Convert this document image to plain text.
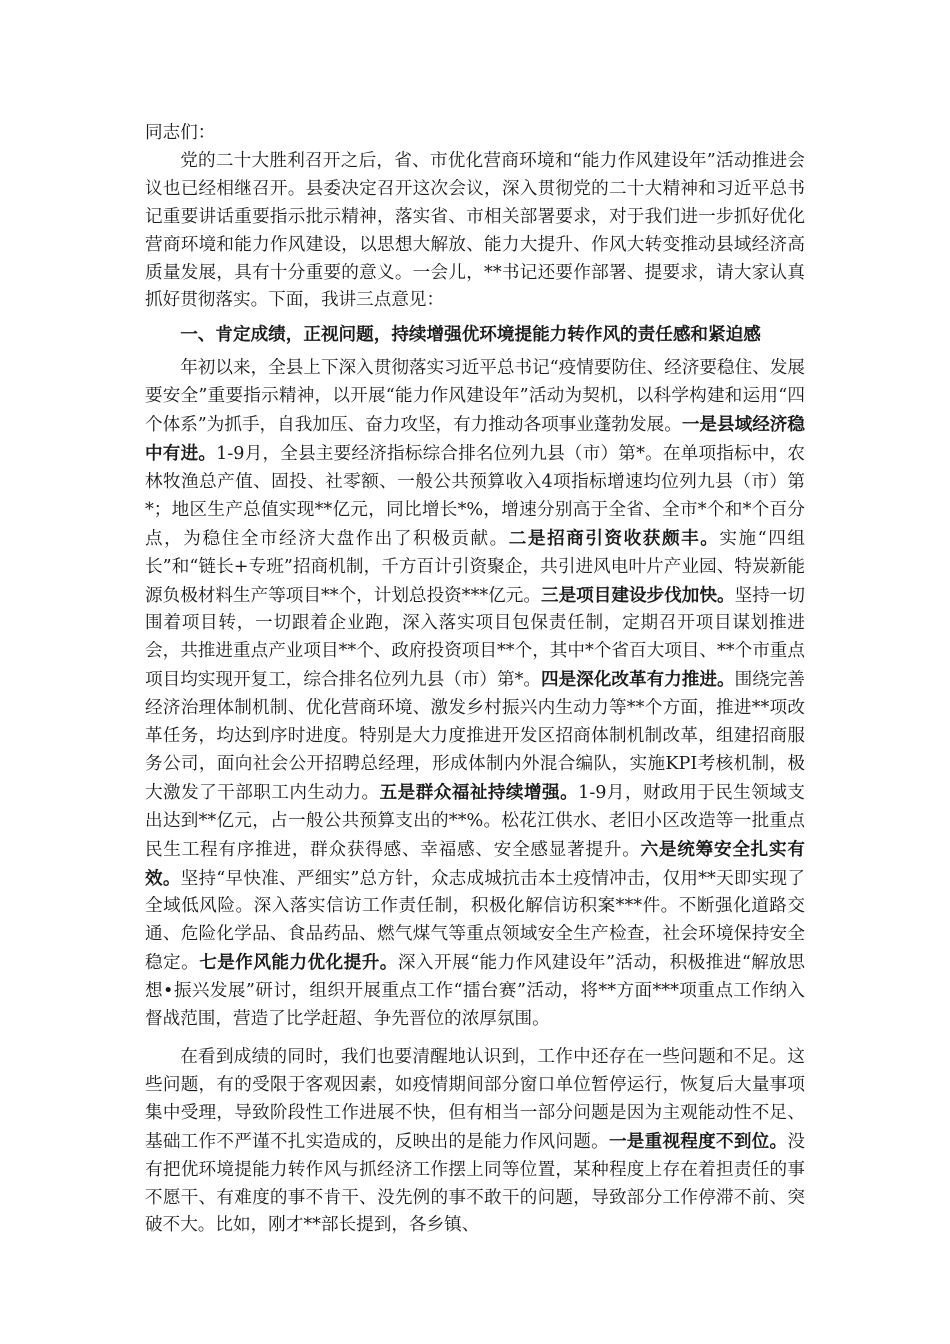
同志们：

党的二十大胜利召开之后，省、市优化营商环境和“能力作风建设年”活动推进会议也已经相继召开。县委决定召开这次会议，深入贯彻党的二十大精神和习近平总书记重要讲话重要指示批示精神，落实省、市相关部署要求，对于我们进一步抓好优化营商环境和能力作风建设，以思想大解放、能力大提升、作风大转变推动县域经济高质量发展，具有十分重要的意义。一会儿，**书记还要作部署、提要求，请大家认真抓好贯彻落实。下面，我讲三点意见：

一、肯定成绩，正视问题，持续增强优环境提能力转作风的责任感和紧迫感

年初以来，全县上下深入贯彻落实习近平总书记“疫情要防住、经济要稳住、发展要安全”重要指示精神，以开展“能力作风建设年”活动为契机，以科学构建和运用“四个体系”为抓手，自我加压、奋力攻坚，有力推动各项事业蓬勃发展。一是县域经济稳中有进。1-9月，全县主要经济指标综合排名位列九县（市）第*。在单项指标中，农林牧渔总产值、固投、社零额、一般公共预算收入4项指标增速均位列九县（市）第*；地区生产总值实现**亿元，同比增长*%，增速分别高于全省、全市*个和*个百分点，为稳住全市经济大盘作出了积极贡献。二是招商引资收获颇丰。实施“四组长”和“链长+专班”招商机制，千方百计引资聚企，共引进风电叶片产业园、特炭新能源负极材料生产等项目**个，计划总投资***亿元。三是项目建设步伐加快。坚持一切围着项目转，一切跟着企业跑，深入落实项目包保责任制，定期召开项目谋划推进会，共推进重点产业项目**个、政府投资项目**个，其中*个省百大项目、**个市重点项目均实现开复工，综合排名位列九县（市）第*。四是深化改革有力推进。围绕完善经济治理体制机制、优化营商环境、激发乡村振兴内生动力等**个方面，推进**项改革任务，均达到序时进度。特别是大力度推进开发区招商体制机制改革，组建招商服务公司，面向社会公开招聘总经理，形成体制内外混合编队，实施KPI考核机制，极大激发了干部职工内生动力。五是群众福祉持续增强。1-9月，财政用于民生领域支出达到**亿元，占一般公共预算支出的**%。松花江供水、老旧小区改造等一批重点民生工程有序推进，群众获得感、幸福感、安全感显著提升。六是统筹安全扎实有效。坚持“早快准、严细实”总方针，众志成城抗击本土疫情冲击，仅用**天即实现了全域低风险。深入落实信访工作责任制，积极化解信访积案***件。不断强化道路交通、危险化学品、食品药品、燃气煤气等重点领域安全生产检查，社会环境保持安全稳定。七是作风能力优化提升。深入开展“能力作风建设年”活动，积极推进“解放思想•振兴发展”研讨，组织开展重点工作“擂台赛”活动，将**方面***项重点工作纳入督战范围，营造了比学赶超、争先晋位的浓厚氛围。

在看到成绩的同时，我们也要清醒地认识到，工作中还存在一些问题和不足。这些问题，有的受限于客观因素，如疫情期间部分窗口单位暂停运行，恢复后大量事项集中受理，导致阶段性工作进展不快，但有相当一部分问题是因为主观能动性不足、基础工作不严谨不扎实造成的，反映出的是能力作风问题。一是重视程度不到位。没有把优环境提能力转作风与抓经济工作摆上同等位置，某种程度上存在着担责任的事不愿干、有难度的事不肯干、没先例的事不敢干的问题，导致部分工作停滞不前、突破不大。比如，刚才**部长提到，各乡镇、
